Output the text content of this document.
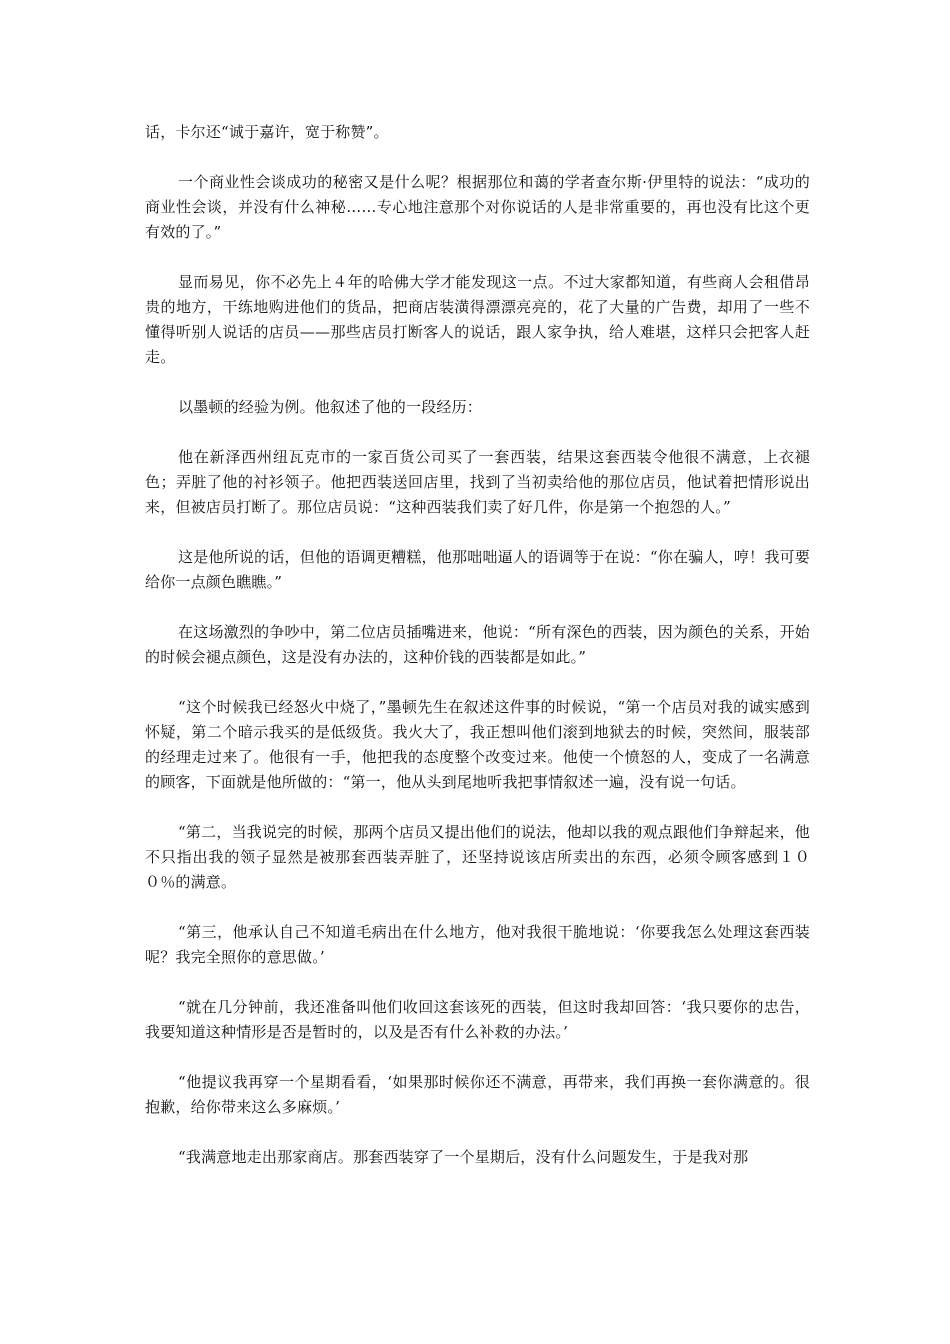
话，卡尔还“诚于嘉许，宽于称赞”。

一个商业性会谈成功的秘密又是什么呢？根据那位和蔼的学者查尔斯·伊里特的说法：“成功的商业性会谈，并没有什么神秘……专心地注意那个对你说话的人是非常重要的，再也没有比这个更有效的了。”

显而易见，你不必先上４年的哈佛大学才能发现这一点。不过大家都知道，有些商人会租借昂贵的地方，干练地购进他们的货品，把商店装潢得漂漂亮亮的，花了大量的广告费，却用了一些不懂得听别人说话的店员——那些店员打断客人的说话，跟人家争执，给人难堪，这样只会把客人赶走。

以墨顿的经验为例。他叙述了他的一段经历：

他在新泽西州纽瓦克市的一家百货公司买了一套西装，结果这套西装令他很不满意，上衣褪色；弄脏了他的衬衫领子。他把西装送回店里，找到了当初卖给他的那位店员，他试着把情形说出来，但被店员打断了。那位店员说：“这种西装我们卖了好几件，你是第一个抱怨的人。”

这是他所说的话，但他的语调更糟糕，他那咄咄逼人的语调等于在说：“你在骗人，哼！我可要给你一点颜色瞧瞧。”

在这场激烈的争吵中，第二位店员插嘴进来，他说：“所有深色的西装，因为颜色的关系，开始的时候会褪点颜色，这是没有办法的，这种价钱的西装都是如此。”

“这个时候我已经怒火中烧了，”墨顿先生在叙述这件事的时候说，“第一个店员对我的诚实感到怀疑，第二个暗示我买的是低级货。我火大了，我正想叫他们滚到地狱去的时候，突然间，服装部的经理走过来了。他很有一手，他把我的态度整个改变过来。他使一个愤怒的人，变成了一名满意的顾客，下面就是他所做的：“第一，他从头到尾地听我把事情叙述一遍，没有说一句话。

“第二，当我说完的时候，那两个店员又提出他们的说法，他却以我的观点跟他们争辩起来，他不只指出我的领子显然是被那套西装弄脏了，还坚持说该店所卖出的东西，必须令顾客感到１００％的满意。

“第三，他承认自己不知道毛病出在什么地方，他对我很干脆地说：‘你要我怎么处理这套西装呢？我完全照你的意思做。’

“就在几分钟前，我还准备叫他们收回这套该死的西装，但这时我却回答：‘我只要你的忠告，我要知道这种情形是否是暂时的，以及是否有什么补救的办法。’

“他提议我再穿一个星期看看，‘如果那时候你还不满意，再带来，我们再换一套你满意的。很抱歉，给你带来这么多麻烦。’

“我满意地走出那家商店。那套西装穿了一个星期后，没有什么问题发生，于是我对那
